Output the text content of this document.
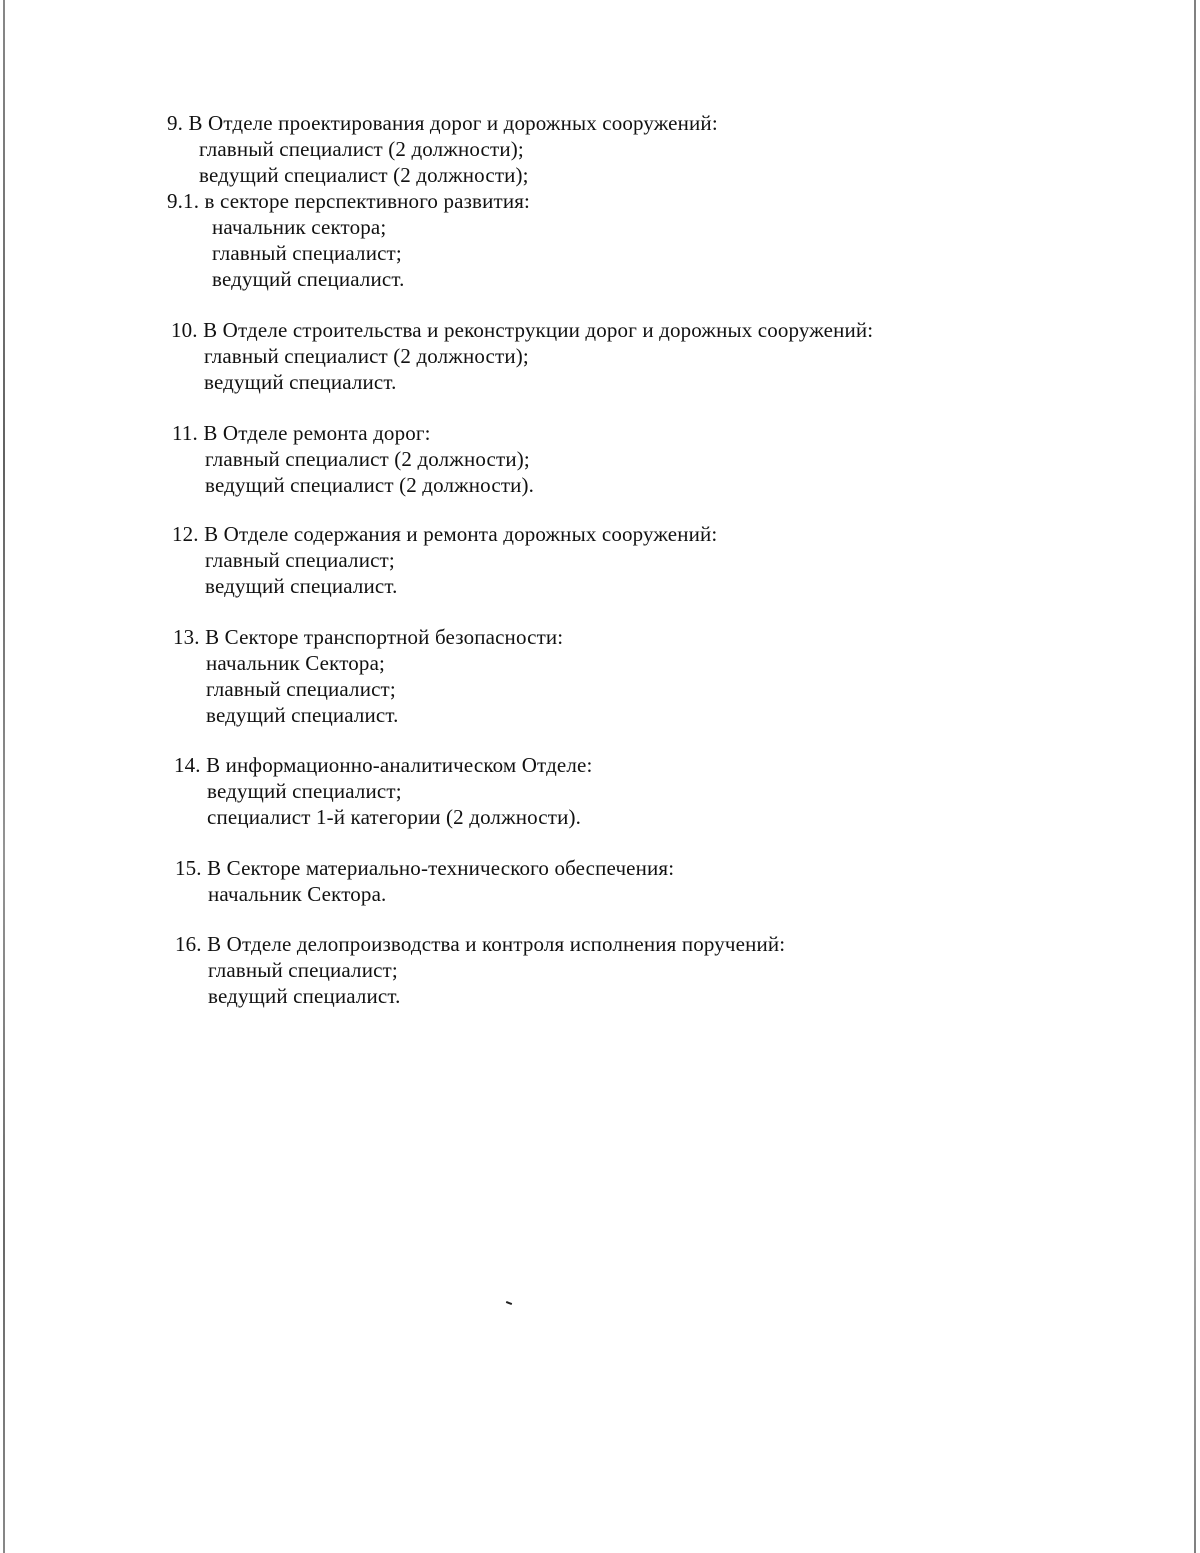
9. В Отделе проектирования дорог и дорожных сооружений:

главный специалист (2 должности);

ведущий специалист (2 должности);

9.1. в секторе перспективного развития:

начальник сектора;

главный специалист;

ведущий специалист.

10. В Отделе строительства и реконструкции дорог и дорожных сооружений:

главный специалист (2 должности);

ведущий специалист.

11. В Отделе ремонта дорог:

главный специалист (2 должности);

ведущий специалист (2 должности).

12. В Отделе содержания и ремонта дорожных сооружений:

главный специалист;

ведущий специалист.

13. В Секторе транспортной безопасности:

начальник Сектора;

главный специалист;

ведущий специалист.

14. В информационно-аналитическом Отделе:

ведущий специалист;

специалист 1-й категории (2 должности).

15. В Секторе материально-технического обеспечения:

начальник Сектора.

16. В Отделе делопроизводства и контроля исполнения поручений:

главный специалист;

ведущий специалист.
